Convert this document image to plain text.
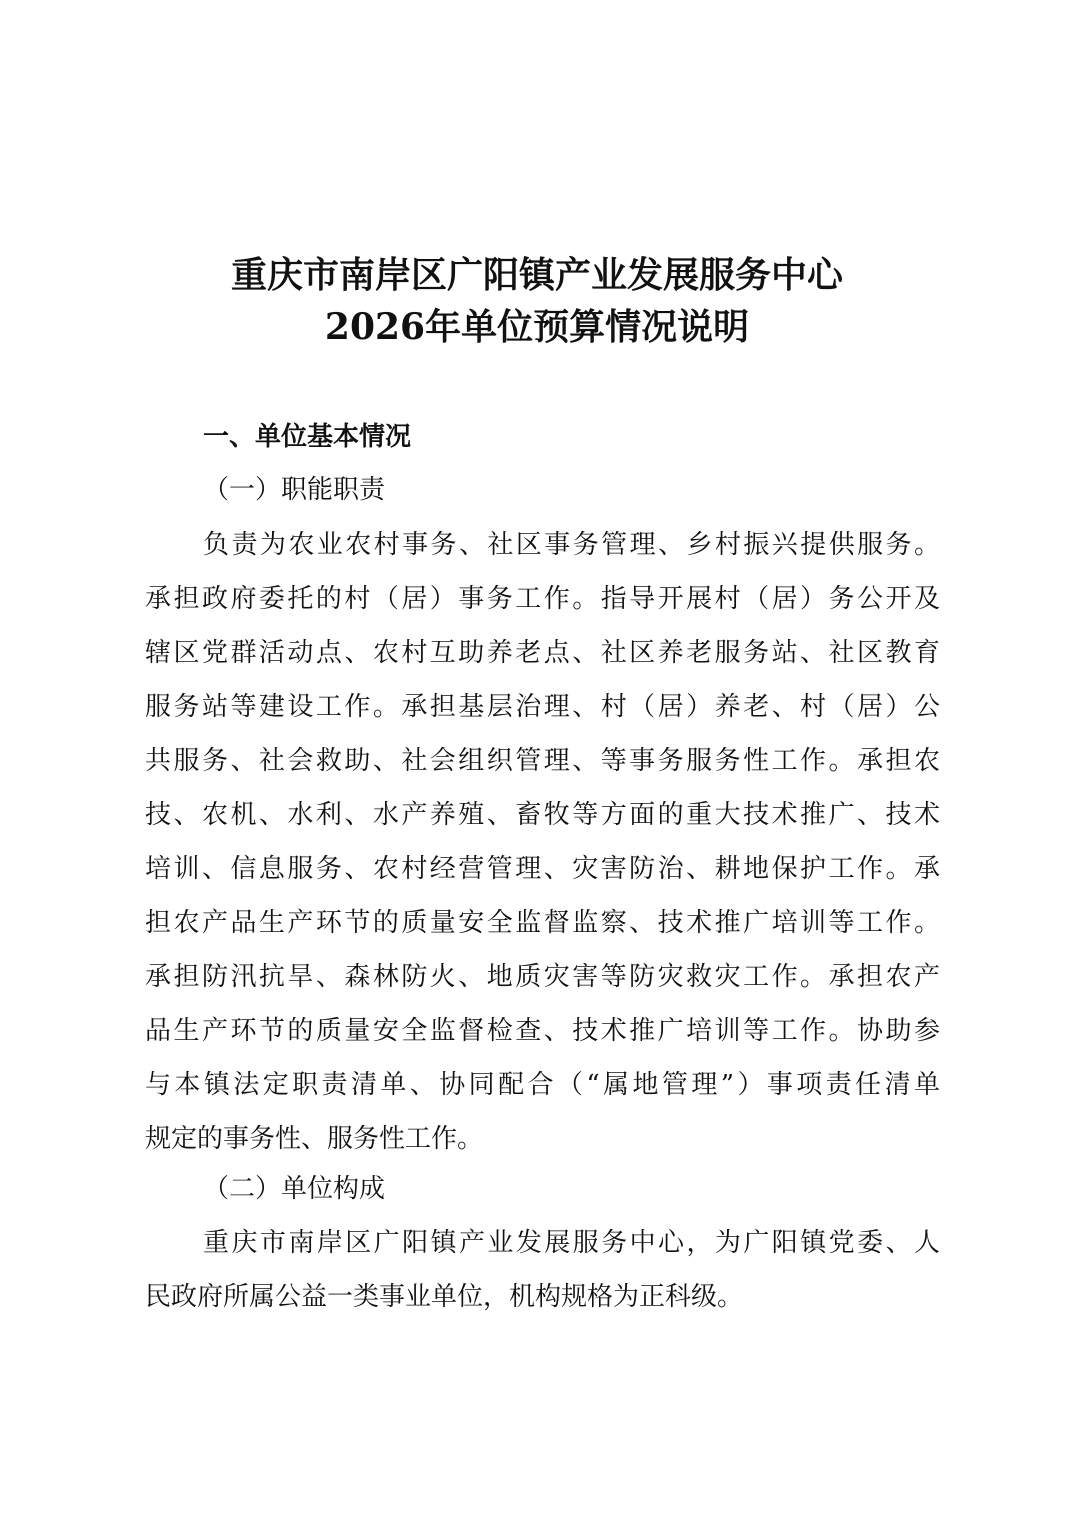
重庆市南岸区广阳镇产业发展服务中心
2026年单位预算情况说明
一、单位基本情况
（一）职能职责
负责为农业农村事务、社区事务管理、乡村振兴提供服务。
承担政府委托的村（居）事务工作。指导开展村（居）务公开及
辖区党群活动点、农村互助养老点、社区养老服务站、社区教育
服务站等建设工作。承担基层治理、村（居）养老、村（居）公
共服务、社会救助、社会组织管理、等事务服务性工作。承担农
技、农机、水利、水产养殖、畜牧等方面的重大技术推广、技术
培训、信息服务、农村经营管理、灾害防治、耕地保护工作。承
担农产品生产环节的质量安全监督监察、技术推广培训等工作。
承担防汛抗旱、森林防火、地质灾害等防灾救灾工作。承担农产
品生产环节的质量安全监督检查、技术推广培训等工作。协助参
与本镇法定职责清单、协同配合（“属地管理”）事项责任清单
规定的事务性、服务性工作。
（二）单位构成
重庆市南岸区广阳镇产业发展服务中心，为广阳镇党委、人
民政府所属公益一类事业单位，机构规格为正科级。
